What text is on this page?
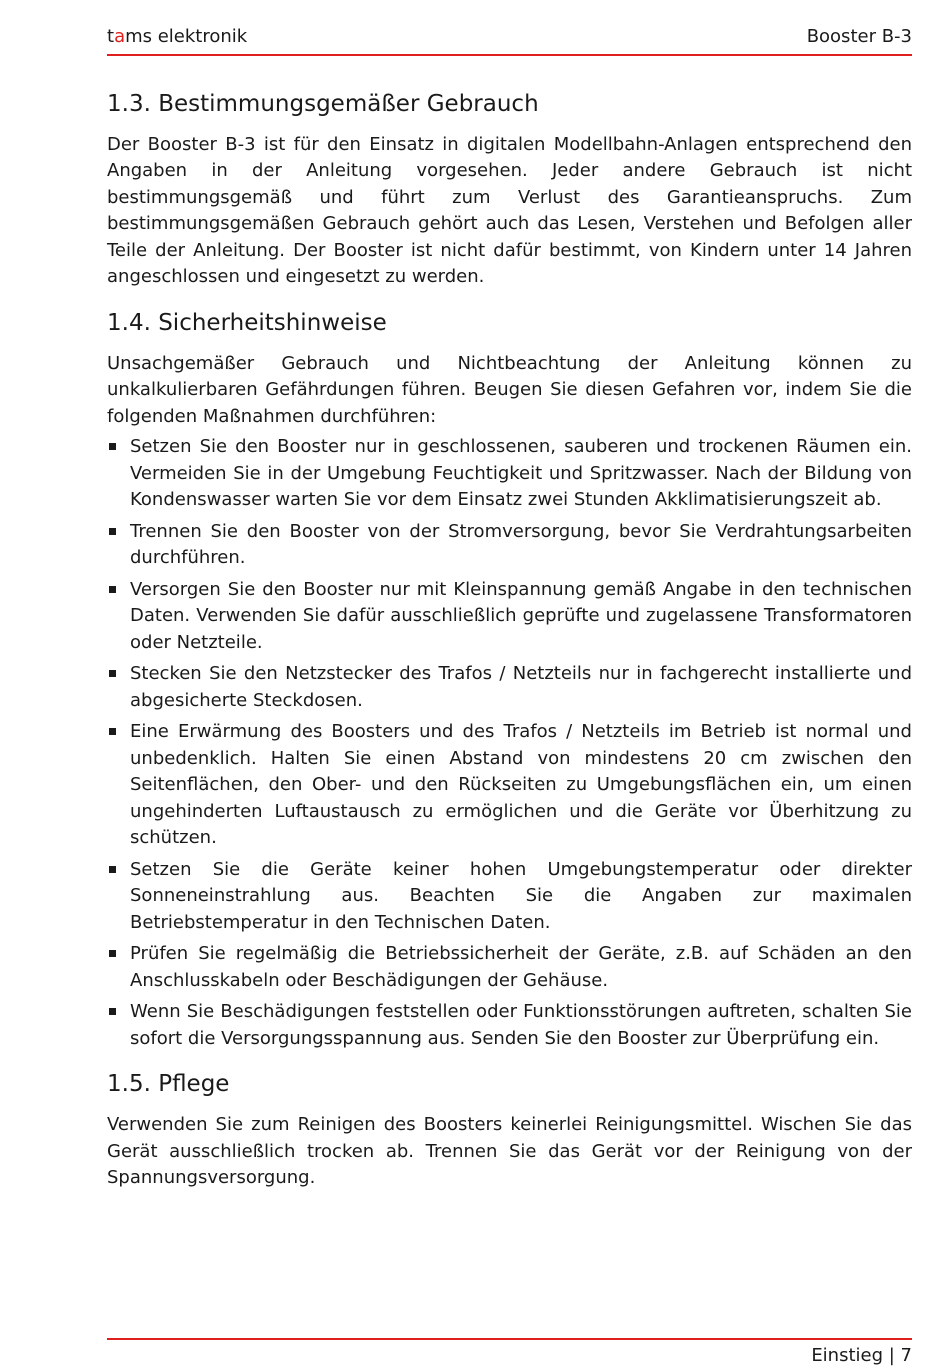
tams elektronik	Booster B-3
1.3. Bestimmungsgemäßer Gebrauch

Der Booster B-3 ist für den Einsatz in digitalen Modellbahn-Anlagen entsprechend den Angaben in der Anleitung vorgesehen. Jeder andere Gebrauch ist nicht bestimmungsgemäß und führt zum Verlust des Garantieanspruchs. Zum bestimmungsgemäßen Gebrauch gehört auch das Lesen, Verstehen und Befolgen aller Teile der Anleitung. Der Booster ist nicht dafür bestimmt, von Kindern unter 14 Jahren angeschlossen und eingesetzt zu werden.

1.4. Sicherheitshinweise

Unsachgemäßer Gebrauch und Nichtbeachtung der Anleitung können zu unkalkulierbaren Gefährdungen führen. Beugen Sie diesen Gefahren vor, indem Sie die folgenden Maßnahmen durchführen:

Setzen Sie den Booster nur in geschlossenen, sauberen und trockenen Räumen ein. Vermeiden Sie in der Umgebung Feuchtigkeit und Spritzwasser. Nach der Bildung von Kondenswasser warten Sie vor dem Einsatz zwei Stunden Akklimatisierungszeit ab.
Trennen Sie den Booster von der Stromversorgung, bevor Sie Verdrahtungsarbeiten durchführen.
Versorgen Sie den Booster nur mit Kleinspannung gemäß Angabe in den technischen Daten. Verwenden Sie dafür ausschließlich geprüfte und zugelassene Transformatoren oder Netzteile.
Stecken Sie den Netzstecker des Trafos / Netzteils nur in fachgerecht installierte und abgesicherte Steckdosen.
Eine Erwärmung des Boosters und des Trafos / Netzteils im Betrieb ist normal und unbedenklich. Halten Sie einen Abstand von mindestens 20 cm zwischen den Seitenflächen, den Ober- und den Rückseiten zu Umgebungsflächen ein, um einen ungehinderten Luftaustausch zu ermöglichen und die Geräte vor Überhitzung zu schützen.
Setzen Sie die Geräte keiner hohen Umgebungstemperatur oder direkter Sonneneinstrahlung aus. Beachten Sie die Angaben zur maximalen Betriebstemperatur in den Technischen Daten.
Prüfen Sie regelmäßig die Betriebssicherheit der Geräte, z.B. auf Schäden an den Anschlusskabeln oder Beschädigungen der Gehäuse.
Wenn Sie Beschädigungen feststellen oder Funktionsstörungen auftreten, schalten Sie sofort die Versorgungsspannung aus. Senden Sie den Booster zur Überprüfung ein.
1.5. Pflege

Verwenden Sie zum Reinigen des Boosters keinerlei Reinigungsmittel. Wischen Sie das Gerät ausschließlich trocken ab. Trennen Sie das Gerät vor der Reinigung von der Spannungsversorgung.

Einstieg | 7
